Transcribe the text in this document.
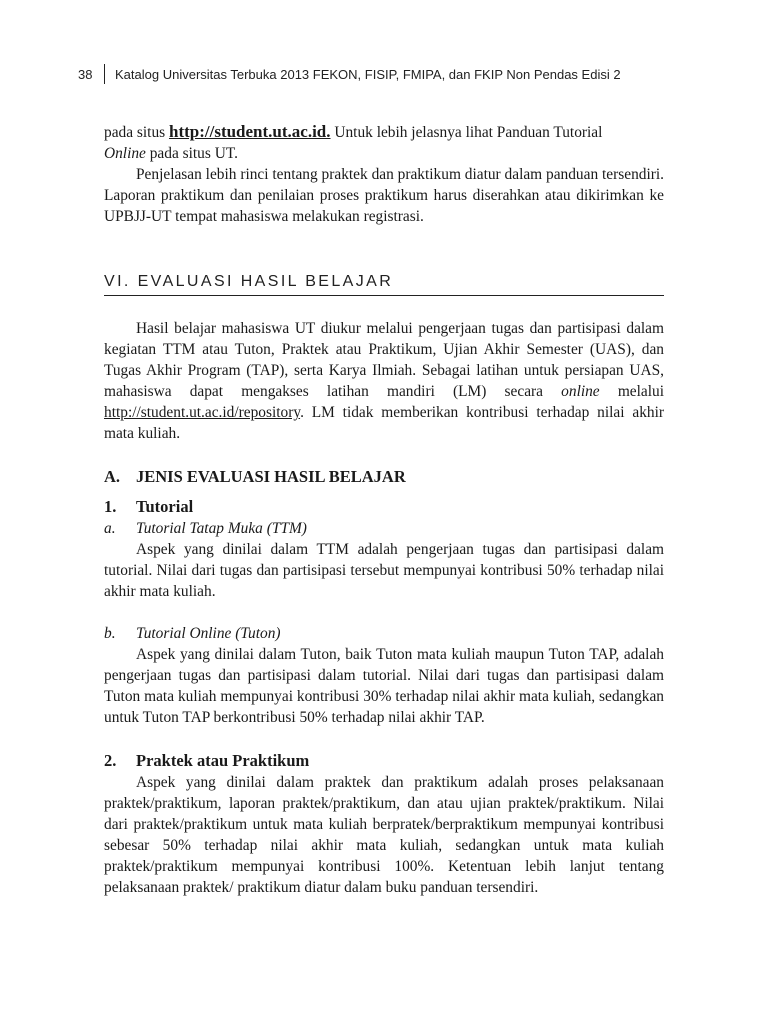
38	Katalog Universitas Terbuka 2013 FEKON, FISIP, FMIPA, dan FKIP Non Pendas Edisi 2

pada situs http://student.ut.ac.id. Untuk lebih jelasnya lihat Panduan Tutorial
Online pada situs UT.

Penjelasan lebih rinci tentang praktek dan praktikum diatur dalam panduan tersendiri. Laporan praktikum dan penilaian proses praktikum harus diserahkan atau dikirimkan ke UPBJJ-UT tempat mahasiswa melakukan registrasi.

VI. EVALUASI HASIL BELAJAR

Hasil belajar mahasiswa UT diukur melalui pengerjaan tugas dan partisipasi dalam kegiatan TTM atau Tuton, Praktek atau Praktikum, Ujian Akhir Semester (UAS), dan Tugas Akhir Program (TAP), serta Karya Ilmiah. Sebagai latihan untuk persiapan UAS, mahasiswa dapat mengakses latihan mandiri (LM) secara online melalui http://student.ut.ac.id/repository. LM tidak memberikan kontribusi terhadap nilai akhir mata kuliah.

A. JENIS EVALUASI HASIL BELAJAR
1.	Tutorial
a.	Tutorial Tatap Muka (TTM)

Aspek yang dinilai dalam TTM adalah pengerjaan tugas dan partisipasi dalam tutorial. Nilai dari tugas dan partisipasi tersebut mempunyai kontribusi 50% terhadap nilai akhir mata kuliah.

b.	Tutorial Online (Tuton)

Aspek yang dinilai dalam Tuton, baik Tuton mata kuliah maupun Tuton TAP, adalah pengerjaan tugas dan partisipasi dalam tutorial. Nilai dari tugas dan partisipasi dalam Tuton mata kuliah mempunyai kontribusi 30% terhadap nilai akhir mata kuliah, sedangkan untuk Tuton TAP berkontribusi 50% terhadap nilai akhir TAP.

2.	Praktek atau Praktikum

Aspek yang dinilai dalam praktek dan praktikum adalah proses pelaksanaan praktek/praktikum, laporan praktek/praktikum, dan atau ujian praktek/praktikum. Nilai dari praktek/praktikum untuk mata kuliah berpratek/berpraktikum mempunyai kontribusi sebesar 50% terhadap nilai akhir mata kuliah, sedangkan untuk mata kuliah praktek/praktikum mempunyai kontribusi 100%. Ketentuan lebih lanjut tentang pelaksanaan praktek/ praktikum diatur dalam buku panduan tersendiri.
